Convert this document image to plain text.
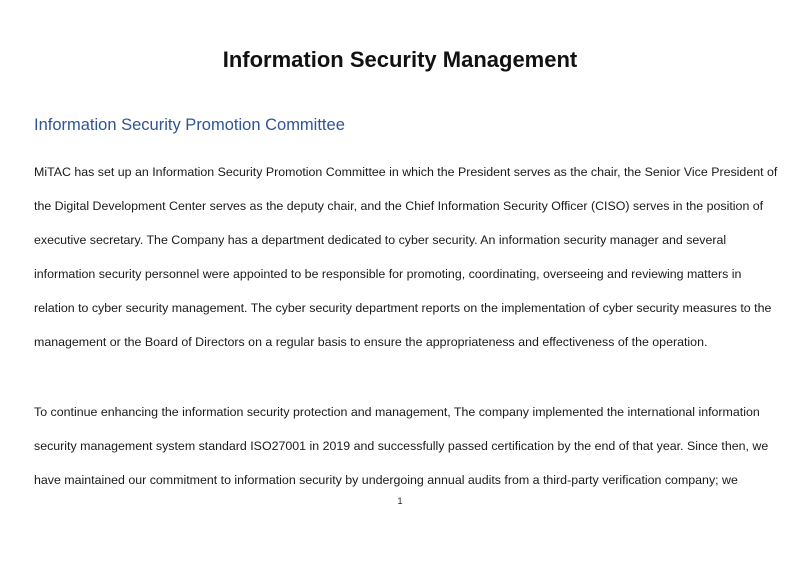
Information Security Management
Information Security Promotion Committee

MiTAC has set up an Information Security Promotion Committee in which the President serves as the chair, the Senior Vice President of
the Digital Development Center serves as the deputy chair, and the Chief Information Security Officer (CISO) serves in the position of
executive secretary. The Company has a department dedicated to cyber security. An information security manager and several
information security personnel were appointed to be responsible for promoting, coordinating, overseeing and reviewing matters in
relation to cyber security management. The cyber security department reports on the implementation of cyber security measures to the
management or the Board of Directors on a regular basis to ensure the appropriateness and effectiveness of the operation.

To continue enhancing the information security protection and management, The company implemented the international information
security management system standard ISO27001 in 2019 and successfully passed certification by the end of that year. Since then, we
have maintained our commitment to information security by undergoing annual audits from a third-party verification company; we

1
